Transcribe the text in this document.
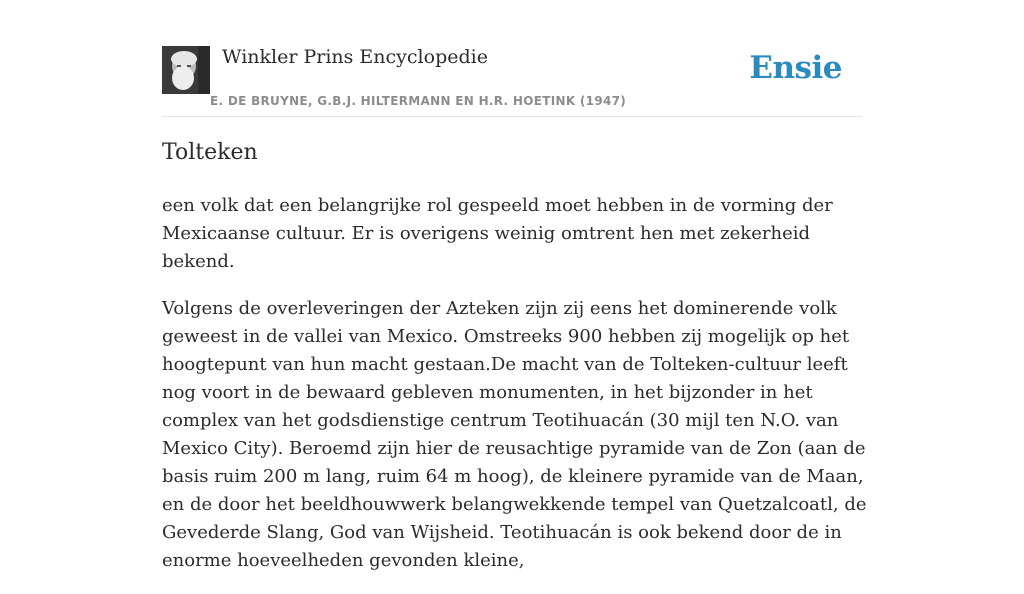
Winkler Prins Encyclopedie
E. DE BRUYNE, G.B.J. HILTERMANN EN H.R. HOETINK (1947)
Ensie
Tolteken

een volk dat een belangrijke rol gespeeld moet hebben in de vorming der Mexicaanse cultuur. Er is overigens weinig omtrent hen met zekerheid bekend.

Volgens de overleveringen der Azteken zijn zij eens het dominerende volk geweest in de vallei van Mexico. Omstreeks 900 hebben zij mogelijk op het hoogtepunt van hun macht gestaan.De macht van de Tolteken-cultuur leeft nog voort in de bewaard gebleven monumenten, in het bijzonder in het complex van het godsdienstige centrum Teotihuacán (30 mijl ten N.O. van Mexico City). Beroemd zijn hier de reusachtige pyramide van de Zon (aan de basis ruim 200 m lang, ruim 64 m hoog), de kleinere pyramide van de Maan, en de door het beeldhouwwerk belangwekkende tempel van Quetzalcoatl, de Gevederde Slang, God van Wijsheid. Teotihuacán is ook bekend door de in enorme hoeveelheden gevonden kleine,
